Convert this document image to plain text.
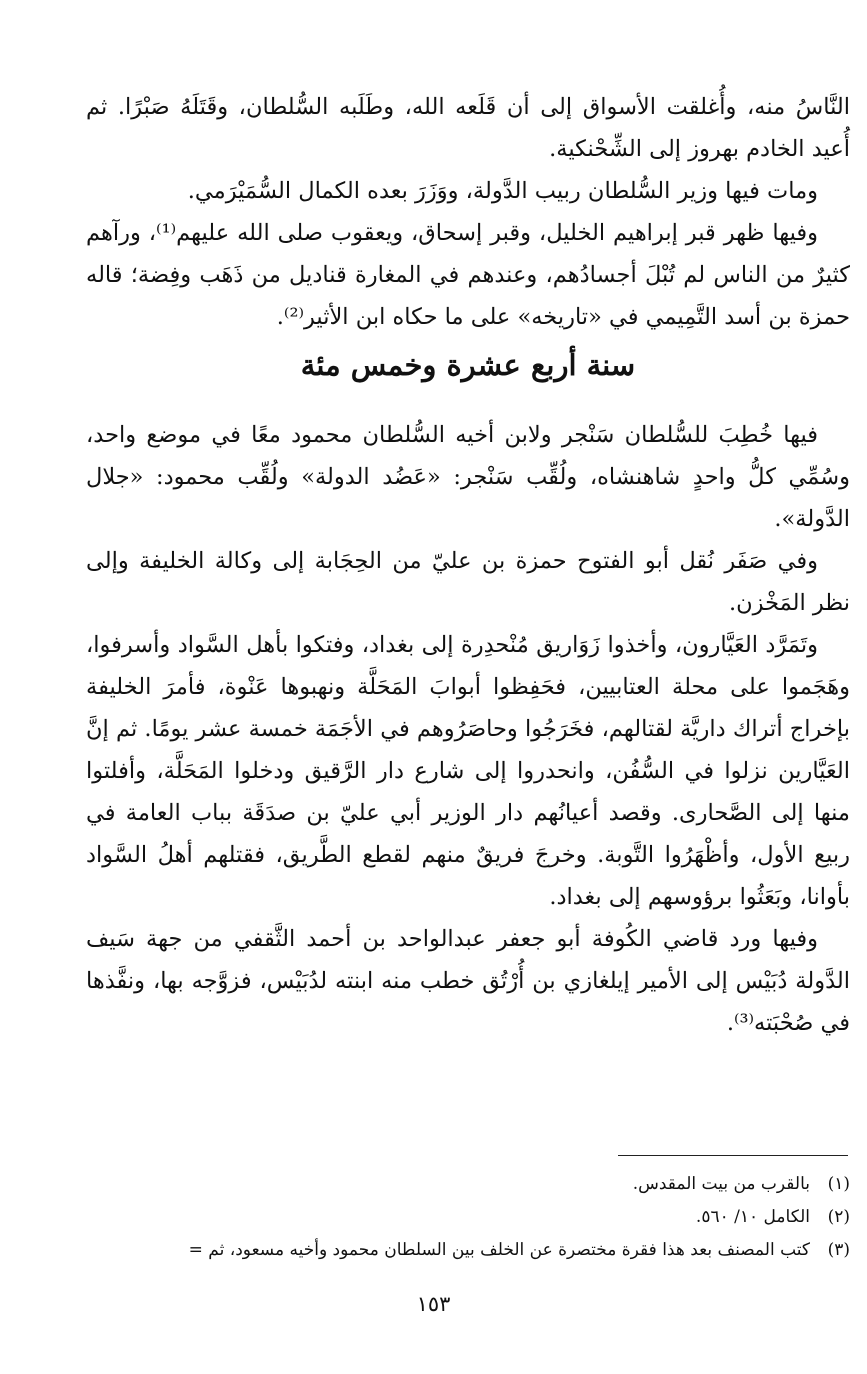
النَّاسُ منه، وأُغلقت الأسواق إلى أن قَلَعه الله، وطَلَبه السُّلطان، وقَتَلَهُ صَبْرًا. ثم أُعيد الخادم بهروز إلى الشِّحْنكية.

ومات فيها وزير السُّلطان ربيب الدَّولة، ووَزَرَ بعده الكمال السُّمَيْرَمي.

وفيها ظهر قبر إبراهيم الخليل، وقبر إسحاق، ويعقوب صلى الله عليهم⁽¹⁾، ورآهم كثيرٌ من الناس لم تُبْلَ أجسادُهم، وعندهم في المغارة قناديل من ذَهَب وفِضة؛ قاله حمزة بن أسد التَّمِيمي في «تاريخه» على ما حكاه ابن الأثير⁽²⁾.

سنة أربع عشرة وخمس مئة

فيها خُطِبَ للسُّلطان سَنْجر ولابن أخيه السُّلطان محمود معًا في موضع واحد، وسُمِّي كلُّ واحدٍ شاهنشاه، ولُقِّب سَنْجر: «عَضُد الدولة» ولُقِّب محمود: «جلال الدَّولة».

وفي صَفَر نُقل أبو الفتوح حمزة بن عليّ من الحِجَابة إلى وكالة الخليفة وإلى نظر المَخْزن.

وتَمَرَّد العَيَّارون، وأخذوا زَوَاريق مُنْحدِرة إلى بغداد، وفتكوا بأهل السَّواد وأسرفوا، وهَجَموا على محلة العتابيين، فحَفِظوا أبوابَ المَحَلَّة ونهبوها عَنْوة، فأمرَ الخليفة بإخراج أتراك داريَّة لقتالهم، فخَرَجُوا وحاصَرُوهم في الأجَمَة خمسة عشر يومًا. ثم إنَّ العَيَّارين نزلوا في السُّفُن، وانحدروا إلى شارع دار الرَّقيق ودخلوا المَحَلَّة، وأفلتوا منها إلى الصَّحارى. وقصد أعيانُهم دار الوزير أبي عليّ بن صدَقَة بباب العامة في ربيع الأول، وأظْهَرُوا التَّوبة. وخرجَ فريقٌ منهم لقطع الطَّريق، فقتلهم أهلُ السَّواد بأوانا، وبَعَثُوا برؤوسهم إلى بغداد.

وفيها ورد قاضي الكُوفة أبو جعفر عبدالواحد بن أحمد الثَّقفي من جهة سَيف الدَّولة دُبَيْس إلى الأمير إيلغازي بن أُرْتُق خطب منه ابنته لدُبَيْس، فزوَّجه بها، ونفَّذها في صُحْبَته⁽³⁾.

(١)
بالقرب من بيت المقدس.
(٢)
الكامل ١٠/ ٥٦٠.
(٣)
كتب المصنف بعد هذا فقرة مختصرة عن الخلف بين السلطان محمود وأخيه مسعود، ثم =
١٥٣
